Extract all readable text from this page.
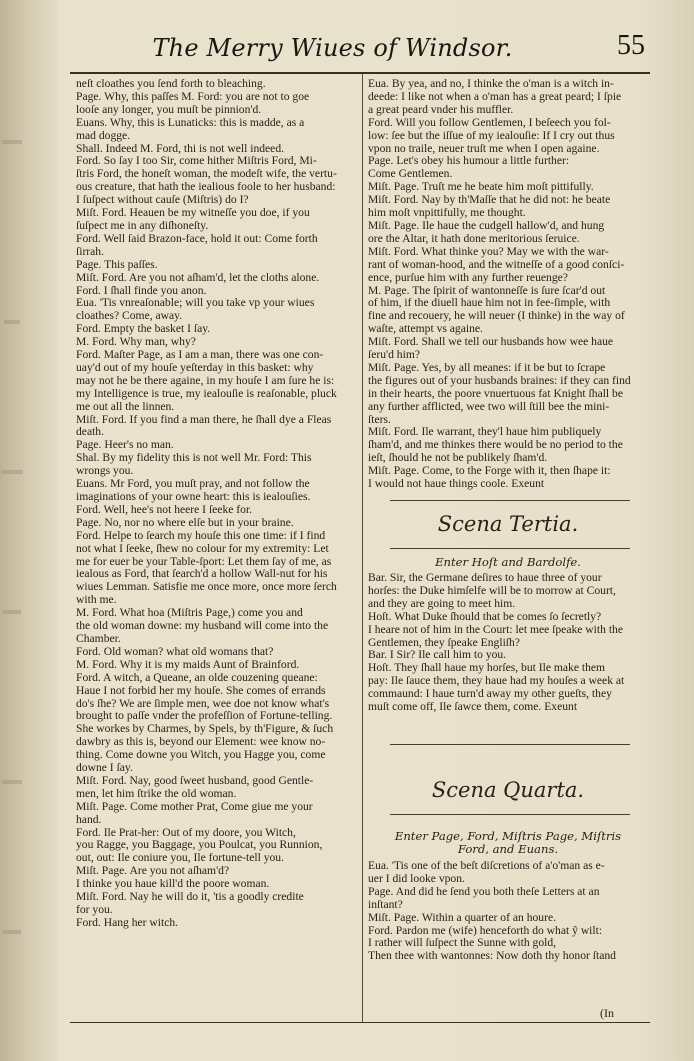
The Merry Wiues of Windsor.	55
neſt cloathes you ſend forth to bleaching.
Page. Why, this paſſes M. Ford: you are not to goe
looſe any longer, you muſt be pinnion'd.
Euans. Why, this is Lunaticks: this is madde, as a
mad dogge.
Shall. Indeed M. Ford, thi is not well indeed.
Ford. So ſay I too Sir, come hither Miſtris Ford, Mi-
ſtris Ford, the honeſt woman, the modeſt wife, the vertu-
ous creature, that hath the iealious foole to her husband:
I ſuſpect without cauſe (Miſtris) do I?
Miſt. Ford. Heauen be my witneſſe you doe, if you
ſuſpect me in any diſhoneſty.
Ford. Well ſaid Brazon-face, hold it out: Come forth
ſirrah.
Page. This paſſes.
Miſt. Ford. Are you not aſham'd, let the cloths alone.
Ford. I ſhall finde you anon.
Eua. 'Tis vnreaſonable; will you take vp your wiues
cloathes? Come, away.
Ford. Empty the basket I ſay.
M. Ford. Why man, why?
Ford. Maſter Page, as I am a man, there was one con-
uay'd out of my houſe yeſterday in this basket: why
may not he be there againe, in my houſe I am ſure he is:
my Intelligence is true, my iealouſie is reaſonable, pluck
me out all the linnen.
Miſt. Ford. If you find a man there, he ſhall dye a Fleas
death.
Page. Heer's no man.
Shal. By my fidelity this is not well Mr. Ford: This
wrongs you.
Euans. Mr Ford, you muſt pray, and not follow the
imaginations of your owne heart: this is iealouſies.
Ford. Well, hee's not heere I ſeeke for.
Page. No, nor no where elſe but in your braine.
Ford. Helpe to ſearch my houſe this one time: if I find
not what I ſeeke, ſhew no colour for my extremity: Let
me for euer be your Table-ſport: Let them ſay of me, as
iealous as Ford, that ſearch'd a hollow Wall-nut for his
wiues Lemman. Satisfie me once more, once more ſerch
with me.
M. Ford. What hoa (Miſtris Page,) come you and
the old woman downe: my husband will come into the
Chamber.
Ford. Old woman? what old womans that?
M. Ford. Why it is my maids Aunt of Brainford.
Ford. A witch, a Queane, an olde couzening queane:
Haue I not forbid her my houſe. She comes of errands
do's ſhe? We are ſimple men, wee doe not know what's
brought to paſſe vnder the profeſſion of Fortune-telling.
She workes by Charmes, by Spels, by th'Figure, & ſuch
dawbry as this is, beyond our Element: wee know no-
thing. Come downe you Witch, you Hagge you, come
downe I ſay.
Miſt. Ford. Nay, good ſweet husband, good Gentle-
men, let him ſtrike the old woman.
Miſt. Page. Come mother Prat, Come giue me your
hand.
Ford. Ile Prat-her: Out of my doore, you Witch,
you Ragge, you Baggage, you Poulcat, you Runnion,
out, out: Ile coniure you, Ile fortune-tell you.
Miſt. Page. Are you not aſham'd?
I thinke you haue kill'd the poore woman.
Miſt. Ford. Nay he will do it, 'tis a goodly credite
for you.
Ford. Hang her witch.
Eua. By yea, and no, I thinke the o'man is a witch in-
deede: I like not when a o'man has a great peard; I ſpie
a great peard vnder his muffler.
Ford. Will you follow Gentlemen, I beſeech you fol-
low: ſee but the iſſue of my iealouſie: If I cry out thus
vpon no traile, neuer truſt me when I open againe.
Page. Let's obey his humour a little further:
Come Gentlemen.
Miſt. Page. Truſt me he beate him moſt pittifully.
Miſt. Ford. Nay by th'Maſſe that he did not: he beate
him moſt vnpittifully, me thought.
Miſt. Page. Ile haue the cudgell hallow'd, and hung
ore the Altar, it hath done meritorious ſeruice.
Miſt. Ford. What thinke you? May we with the war-
rant of woman-hood, and the witneſſe of a good conſci-
ence, purſue him with any further reuenge?
M. Page. The ſpirit of wantonneſſe is ſure ſcar'd out
of him, if the diuell haue him not in fee-ſimple, with
fine and recouery, he will neuer (I thinke) in the way of
waſte, attempt vs againe.
Miſt. Ford. Shall we tell our husbands how wee haue
ſeru'd him?
Miſt. Page. Yes, by all meanes: if it be but to ſcrape
the figures out of your husbands braines: if they can find
in their hearts, the poore vnuertuous fat Knight ſhall be
any further afflicted, wee two will ſtill bee the mini-
ſters.
Miſt. Ford. Ile warrant, they'l haue him publiquely
ſham'd, and me thinkes there would be no period to the
ieſt, ſhould he not be publikely ſham'd.
Miſt. Page. Come, to the Forge with it, then ſhape it:
I would not haue things coole. Exeunt
Scena Tertia.
Enter Hoſt and Bardolfe.
Bar. Sir, the Germane deſires to haue three of your
horſes: the Duke himſelfe will be to morrow at Court,
and they are going to meet him.
Hoſt. What Duke ſhould that be comes ſo ſecretly?
I heare not of him in the Court: let mee ſpeake with the
Gentlemen, they ſpeake Engliſh?
Bar. I Sir? Ile call him to you.
Hoſt. They ſhall haue my horſes, but Ile make them
pay: Ile ſauce them, they haue had my houſes a week at
commaund: I haue turn'd away my other gueſts, they
muſt come off, Ile ſawce them, come. Exeunt
Scena Quarta.
Enter Page, Ford, Miſtris Page, Miſtris
Ford, and Euans.
Eua. 'Tis one of the beſt diſcretions of a'o'man as e-
uer I did looke vpon.
Page. And did he ſend you both theſe Letters at an
inſtant?
Miſt. Page. Within a quarter of an houre.
Ford. Pardon me (wife) henceforth do what ỹ wilt:
I rather will ſuſpect the Sunne with gold,
Then thee with wantonnes: Now doth thy honor ſtand
(In
